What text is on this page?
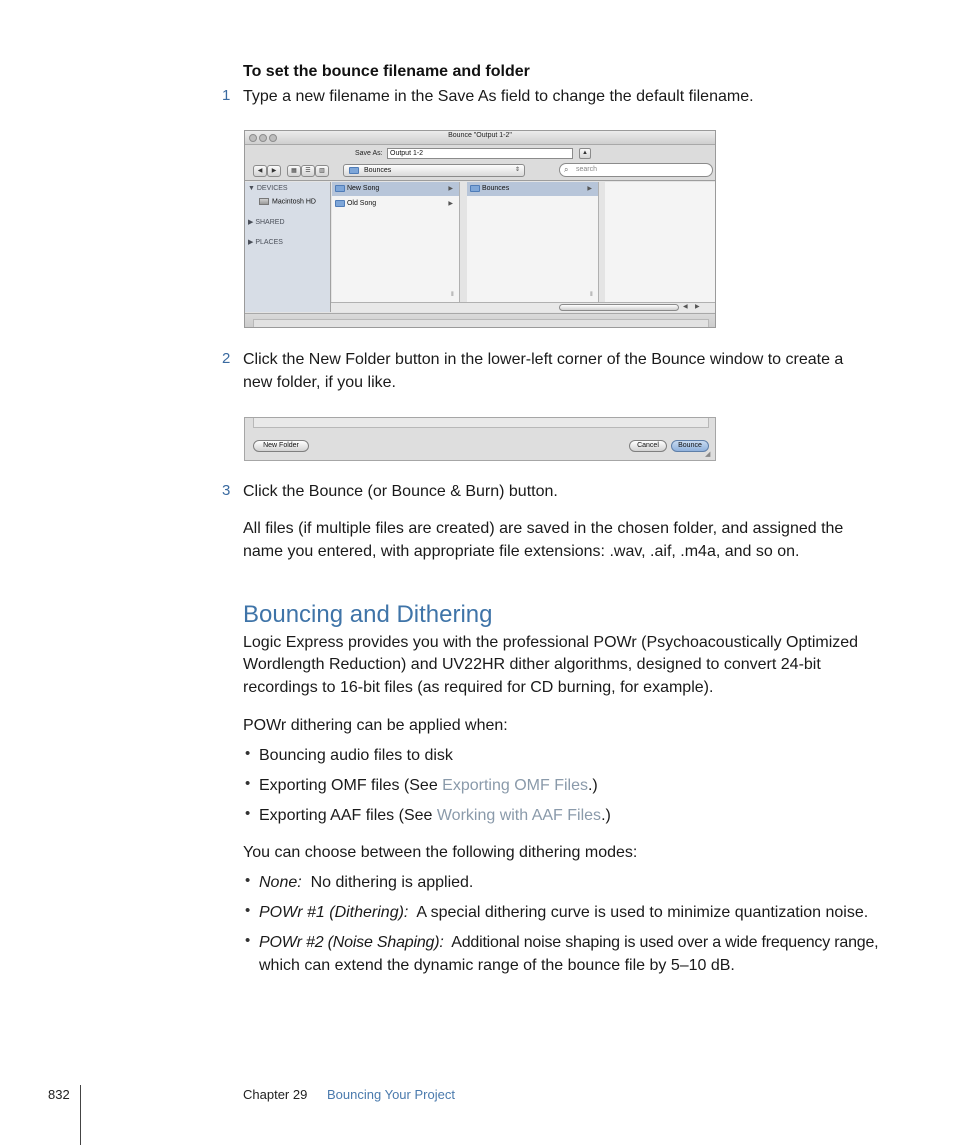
To set the bounce filename and folder
1 Type a new filename in the Save As field to change the default filename.
Bounce "Output 1-2"
Save As:	Output 1-2	▲
◀	▶	▦	☰	▥	Bounces	⇕	⌕ search
▼ DEVICES
Macintosh HD
▶ SHARED
▶ PLACES
New Song	▶
Old Song	▶
⦀
Bounces	▶
⦀
◀ ▶
2 Click the New Folder button in the lower-left corner of the Bounce window to create a
new folder, if you like.
New Folder	Cancel	Bounce
◢
3 Click the Bounce (or Bounce & Burn) button.
All files (if multiple files are created) are saved in the chosen folder, and assigned the
name you entered, with appropriate file extensions: .wav, .aif, .m4a, and so on.
Bouncing and Dithering
Logic Express provides you with the professional POWr (Psychoacoustically Optimized
Wordlength Reduction) and UV22HR dither algorithms, designed to convert 24-bit
recordings to 16-bit files (as required for CD burning, for example).
POWr dithering can be applied when:
• Bouncing audio files to disk
• Exporting OMF files (See Exporting OMF Files.)
• Exporting AAF files (See Working with AAF Files.)
You can choose between the following dithering modes:
• None:  No dithering is applied.
• POWr #1 (Dithering):  A special dithering curve is used to minimize quantization noise.
• POWr #2 (Noise Shaping):  Additional noise shaping is used over a wide frequency range,
which can extend the dynamic range of the bounce file by 5–10 dB.
832	Chapter 29 Bouncing Your Project
